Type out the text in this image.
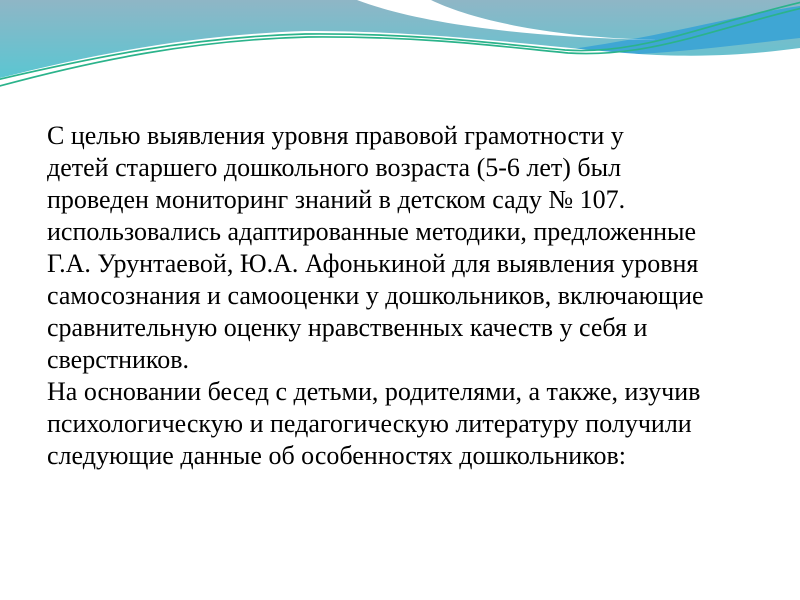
С целью выявления уровня правовой грамотности у
детей старшего дошкольного возраста (5-6 лет) был
проведен мониторинг знаний в детском саду № 107.
использовались адаптированные методики, предложенные
Г.А. Урунтаевой, Ю.А. Афонькиной для выявления уровня
самосознания и самооценки у дошкольников, включающие
сравнительную оценку нравственных качеств у себя и
сверстников.
На основании бесед с детьми, родителями, а также, изучив
психологическую и педагогическую литературу получили
следующие данные об особенностях дошкольников:
